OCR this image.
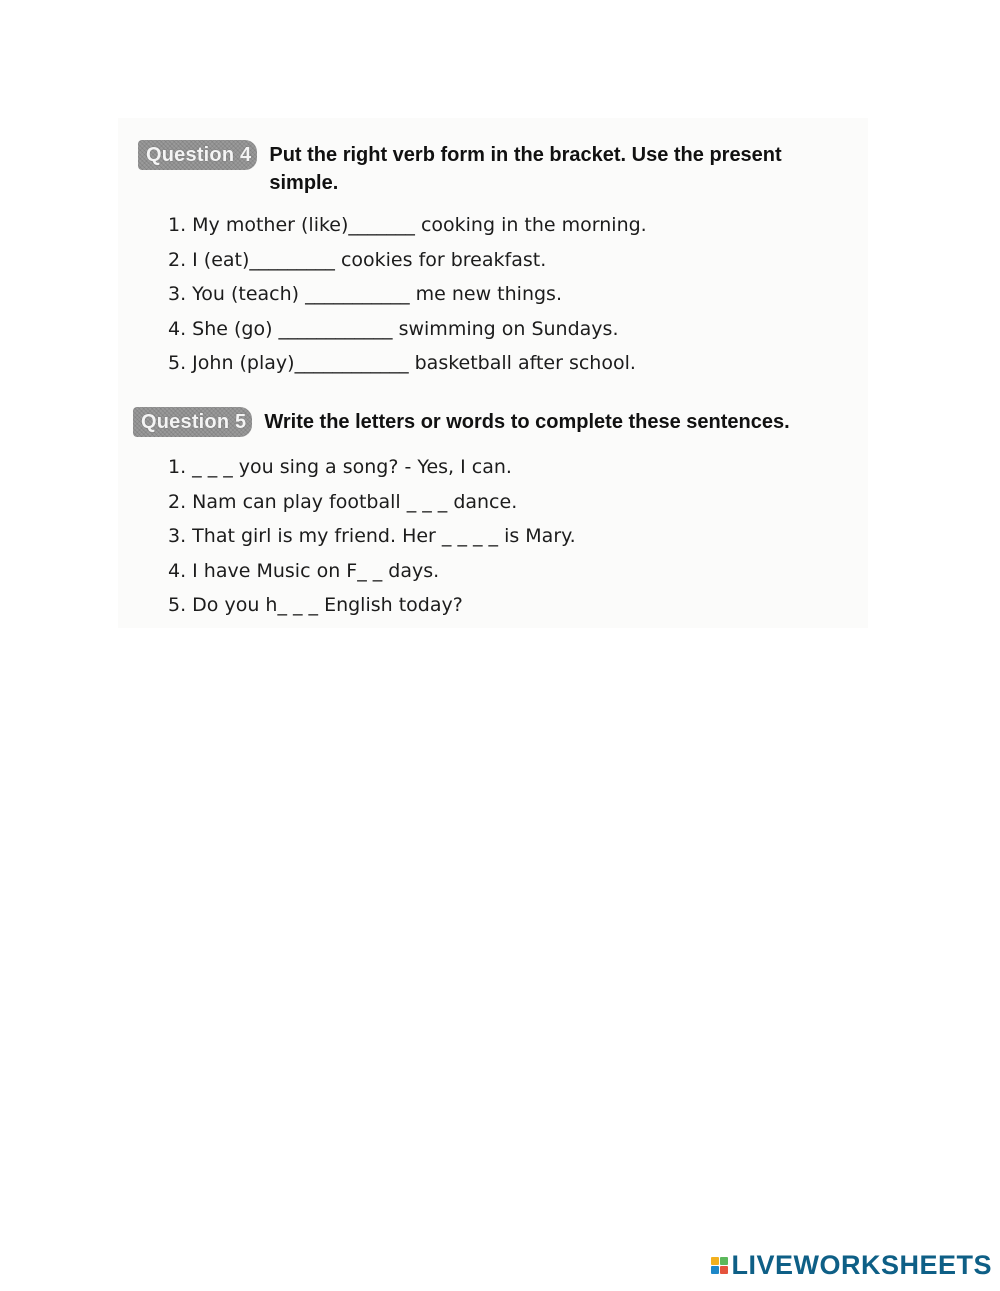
Question 4 Put the right verb form in the bracket. Use the present simple.
1. My mother (like)_______ cooking in the morning.
2. I (eat)_________ cookies for breakfast.
3. You (teach) ___________ me new things.
4. She (go) ____________ swimming on Sundays.
5. John (play)____________ basketball after school.
Question 5 Write the letters or words to complete these sentences.
1. _ _ _ you sing a song? - Yes, I can.
2. Nam can play football _ _ _ dance.
3. That girl is my friend. Her _ _ _ _ is Mary.
4. I have Music on F_ _ days.
5. Do you h_ _ _ English today?
LIVEWORKSHEETS
